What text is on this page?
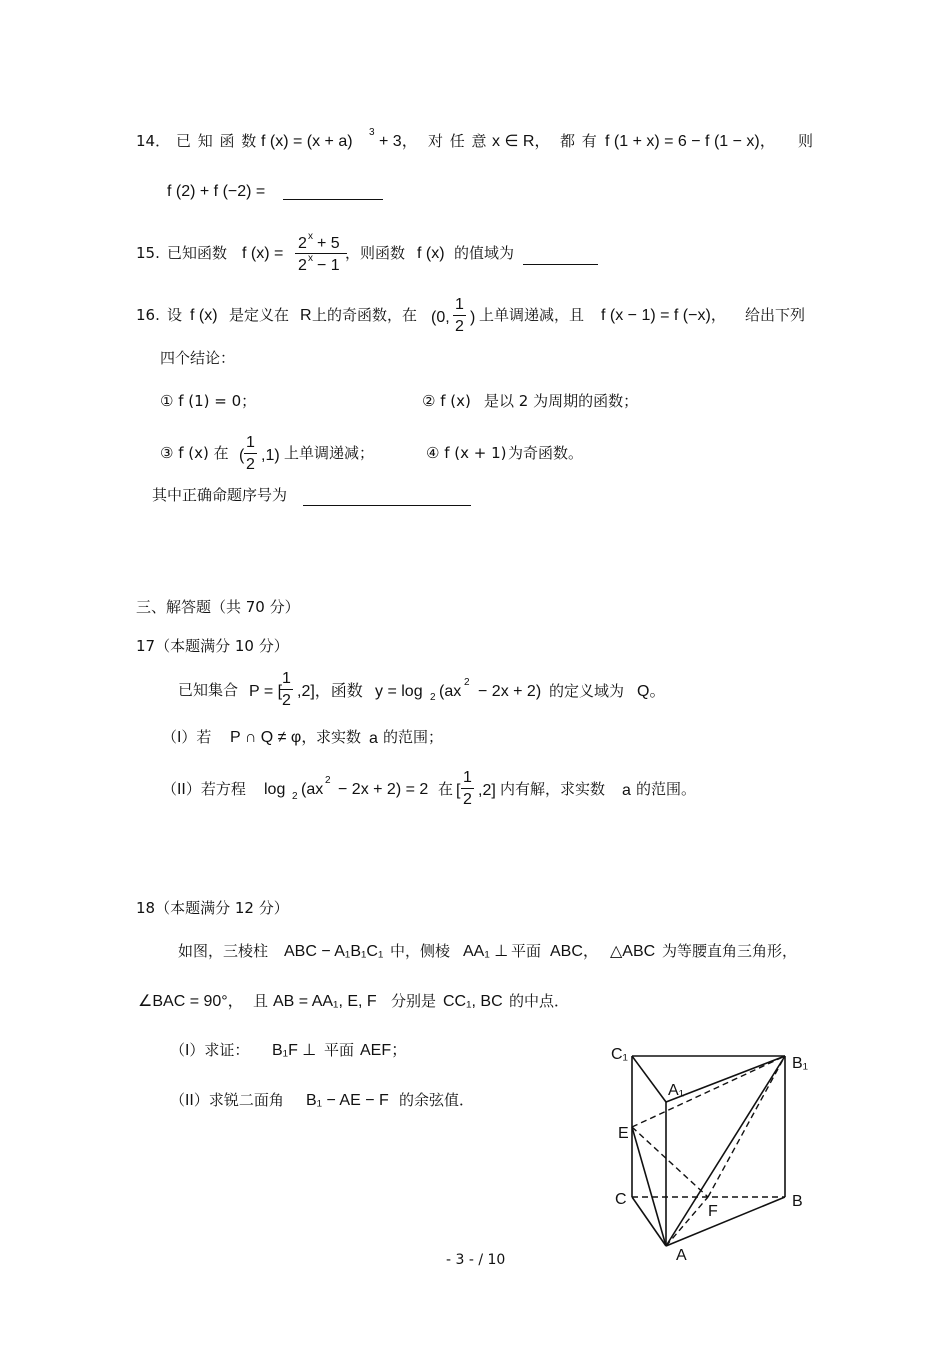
14． 已 知 函 数 f (x) = (x + a)
3
+ 3， 对 任 意 x ∈ R， 都 有 f (1 + x) = 6 − f (1 − x)， 则
f (2) + f (−2) =
15. 已知函数 f $(x) = \frac{2 x + 5}{2 x - 1}$
，则函数 f (x) 的值域为
16. 设 f (x) 是定义在 R 上的奇函数，在 (0, $\frac{1}{2}$ ) 上单调递减，且 f (x − 1) = f (−x)， 给出下列
四个结论：
① f (1) = 0；	② f (x) 是以 2 为周期的函数；
③ f (x) 在 ( $\frac{1}{2} ,1$) 上单调递减；	④ f (x + 1) 为奇函数。
其中正确命题序号为
三、解答题（共 70 分）
17（本题满分 10 分）
已知集合 P = [
$\frac{1}{2} ,2$]，函数 y = log 2 (ax
2
− 2x + 2) 的定义域为 Q。
（I）若 P ∩ Q ≠ φ，
求实数 a 的范围；
（II）若方程 log 2 (ax
2
− 2x + 2) = 2 在 [ $\frac{1}{2} ,2$] 内有解，求实数 a 的范围。
18（本题满分 12 分）
如图，三棱柱 ABC − A₁B₁C₁ 中，侧棱 AA₁ ⊥ 平面 ABC， △ABC 为等腰直角三角形，
∠BAC = 90°， 且 AB = AA₁, E, F 分别是 CC₁, BC 的中点．
（I）求证： B₁F ⊥ 平面 AEF；
（II）求锐二面角 B₁ − AE − F 的余弦值．
C₁
B₁
A₁
E
C
F
B
A
- 3 - / 10
